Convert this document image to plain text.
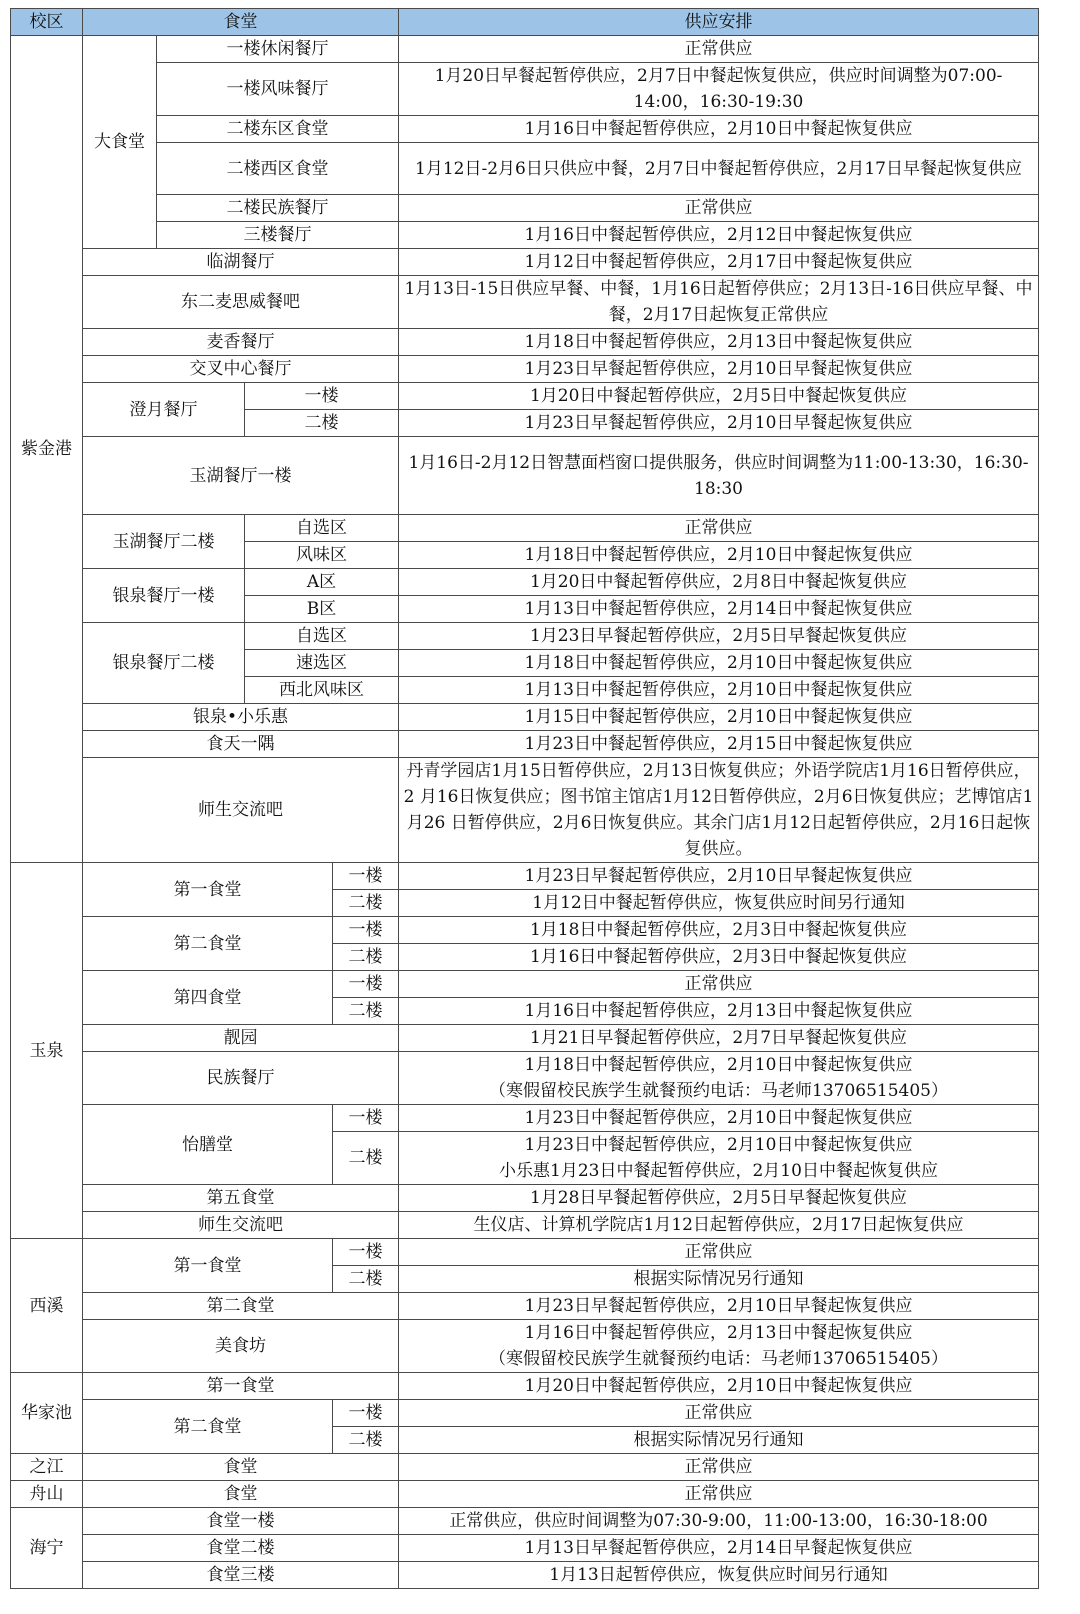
校区	食堂				供应安排
紫金港	大食堂	一楼休闲餐厅			正常供应
		一楼风味餐厅			1月20日早餐起暂停供应，2月7日中餐起恢复供应，供应时间调整为07:00-14:00，16:30-19:30
		二楼东区食堂			1月16日中餐起暂停供应，2月10日中餐起恢复供应
		二楼西区食堂			1月12日-2月6日只供应中餐，2月7日中餐起暂停供应，2月17日早餐起恢复供应
		二楼民族餐厅			正常供应
		三楼餐厅			1月16日中餐起暂停供应，2月12日中餐起恢复供应
	临湖餐厅				1月12日中餐起暂停供应，2月17日中餐起恢复供应
	东二麦思威餐吧				1月13日-15日供应早餐、中餐，1月16日起暂停供应；2月13日-16日供应早餐、中餐，2月17日起恢复正常供应
	麦香餐厅				1月18日中餐起暂停供应，2月13日中餐起恢复供应
	交叉中心餐厅				1月23日早餐起暂停供应，2月10日早餐起恢复供应
	澄月餐厅		一楼		1月20日中餐起暂停供应，2月5日中餐起恢复供应
			二楼		1月23日早餐起暂停供应，2月10日早餐起恢复供应
	玉湖餐厅一楼				1月16日-2月12日智慧面档窗口提供服务，供应时间调整为11:00-13:30，16:30-18:30
	玉湖餐厅二楼		自选区		正常供应
			风味区		1月18日中餐起暂停供应，2月10日中餐起恢复供应
	银泉餐厅一楼		A区		1月20日中餐起暂停供应，2月8日中餐起恢复供应
			B区		1月13日中餐起暂停供应，2月14日中餐起恢复供应
	银泉餐厅二楼		自选区		1月23日早餐起暂停供应，2月5日早餐起恢复供应
			速选区		1月18日中餐起暂停供应，2月10日中餐起恢复供应
			西北风味区		1月13日中餐起暂停供应，2月10日中餐起恢复供应
	银泉•小乐惠				1月15日中餐起暂停供应，2月10日中餐起恢复供应
	食天一隅				1月23日中餐起暂停供应，2月15日中餐起恢复供应
	师生交流吧				丹青学园店1月15日暂停供应，2月13日恢复供应；外语学院店1月16日暂停供应，2 月16日恢复供应；图书馆主馆店1月12日暂停供应，2月6日恢复供应；艺博馆店1月26 日暂停供应，2月6日恢复供应。其余门店1月12日起暂停供应，2月16日起恢复供应。
玉泉	第一食堂			一楼	1月23日早餐起暂停供应，2月10日早餐起恢复供应
				二楼	1月12日中餐起暂停供应，恢复供应时间另行通知
	第二食堂			一楼	1月18日中餐起暂停供应，2月3日中餐起恢复供应
				二楼	1月16日中餐起暂停供应，2月3日中餐起恢复供应
	第四食堂			一楼	正常供应
				二楼	1月16日中餐起暂停供应，2月13日中餐起恢复供应
	靓园				1月21日早餐起暂停供应，2月7日早餐起恢复供应
	民族餐厅				1月18日中餐起暂停供应，2月10日中餐起恢复供应
（寒假留校民族学生就餐预约电话：马老师13706515405）
	怡膳堂			一楼	1月23日中餐起暂停供应，2月10日中餐起恢复供应
				二楼	1月23日中餐起暂停供应，2月10日中餐起恢复供应
小乐惠1月23日中餐起暂停供应，2月10日中餐起恢复供应
	第五食堂				1月28日早餐起暂停供应，2月5日早餐起恢复供应
	师生交流吧				生仪店、计算机学院店1月12日起暂停供应，2月17日起恢复供应
西溪	第一食堂			一楼	正常供应
				二楼	根据实际情况另行通知
	第二食堂				1月23日早餐起暂停供应，2月10日早餐起恢复供应
	美食坊				1月16日中餐起暂停供应，2月13日中餐起恢复供应
（寒假留校民族学生就餐预约电话：马老师13706515405）
华家池	第一食堂				1月20日中餐起暂停供应，2月10日中餐起恢复供应
	第二食堂			一楼	正常供应
				二楼	根据实际情况另行通知
之江	食堂				正常供应
舟山	食堂				正常供应
海宁	食堂一楼				正常供应，供应时间调整为07:30-9:00，11:00-13:00，16:30-18:00
	食堂二楼				1月13日早餐起暂停供应，2月14日早餐起恢复供应
	食堂三楼				1月13日起暂停供应，恢复供应时间另行通知
